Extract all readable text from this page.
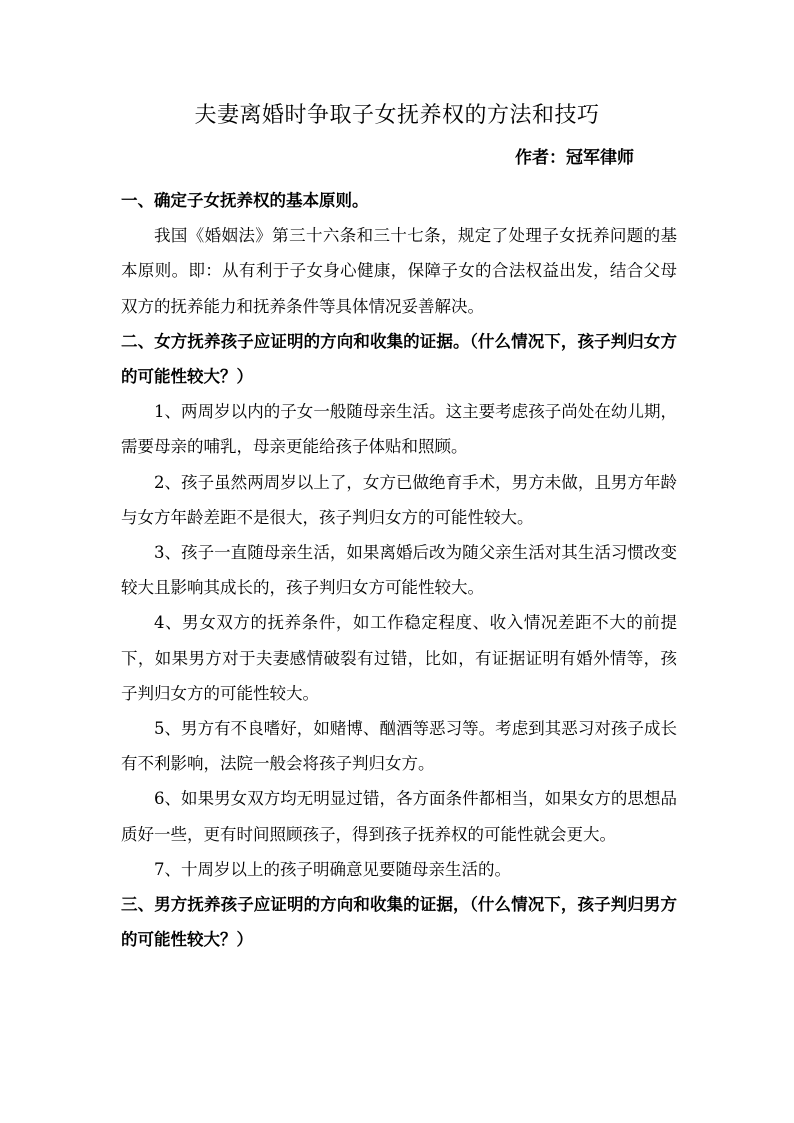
夫妻离婚时争取子女抚养权的方法和技巧
作者：冠军律师

一、确定子女抚养权的基本原则。

我国《婚姻法》第三十六条和三十七条，规定了处理子女抚养问题的基本原则。即：从有利于子女身心健康，保障子女的合法权益出发，结合父母双方的抚养能力和抚养条件等具体情况妥善解决。

二、女方抚养孩子应证明的方向和收集的证据。（什么情况下，孩子判归女方的可能性较大？）

1、两周岁以内的子女一般随母亲生活。这主要考虑孩子尚处在幼儿期，需要母亲的哺乳，母亲更能给孩子体贴和照顾。

2、孩子虽然两周岁以上了，女方已做绝育手术，男方未做，且男方年龄与女方年龄差距不是很大，孩子判归女方的可能性较大。

3、孩子一直随母亲生活，如果离婚后改为随父亲生活对其生活习惯改变较大且影响其成长的，孩子判归女方可能性较大。

4、男女双方的抚养条件，如工作稳定程度、收入情况差距不大的前提下，如果男方对于夫妻感情破裂有过错，比如，有证据证明有婚外情等，孩子判归女方的可能性较大。

5、男方有不良嗜好，如赌博、酗酒等恶习等。考虑到其恶习对孩子成长有不利影响，法院一般会将孩子判归女方。

6、如果男女双方均无明显过错，各方面条件都相当，如果女方的思想品质好一些，更有时间照顾孩子，得到孩子抚养权的可能性就会更大。

7、十周岁以上的孩子明确意见要随母亲生活的。

三、男方抚养孩子应证明的方向和收集的证据，（什么情况下，孩子判归男方的可能性较大？）
